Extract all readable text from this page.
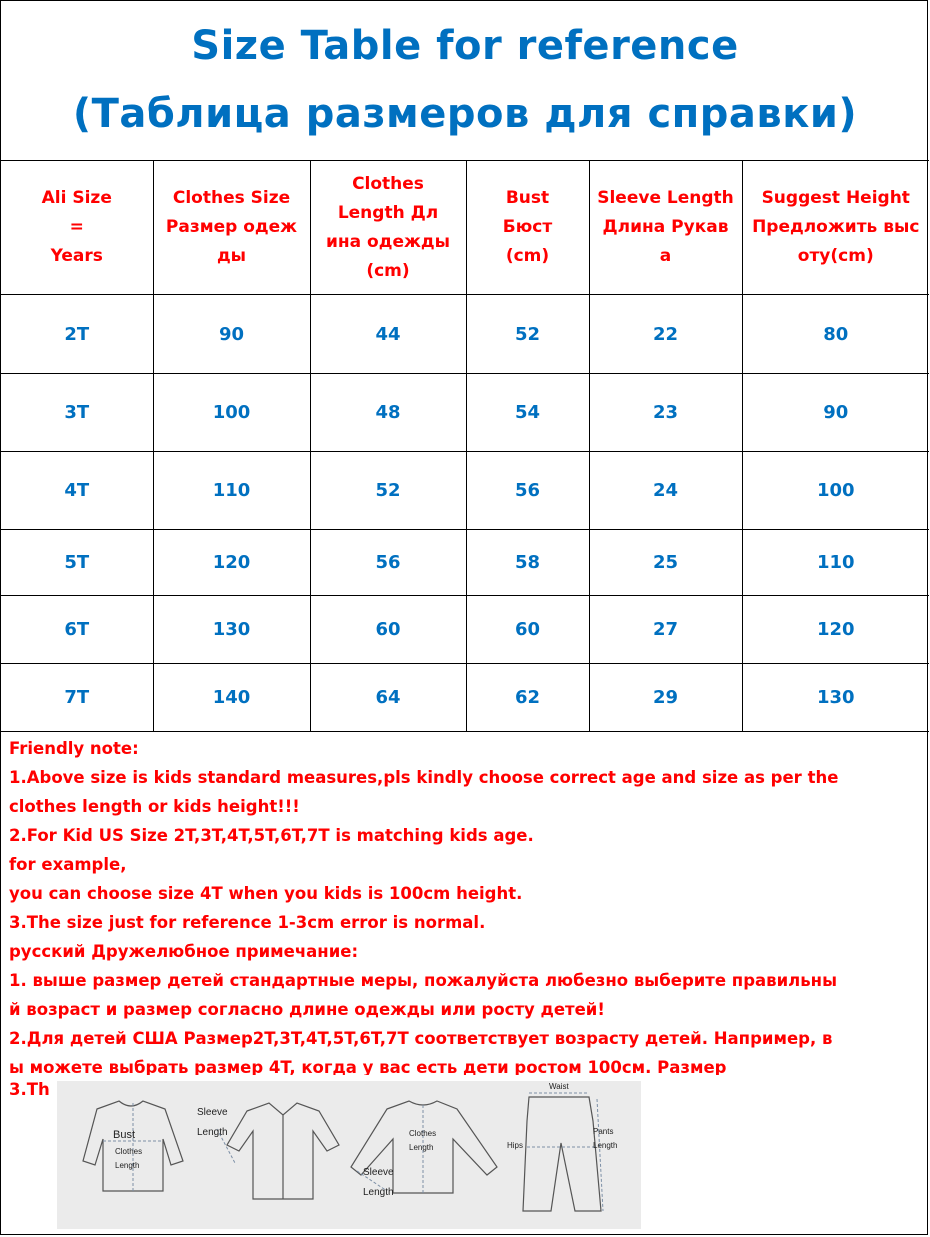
Size Table for reference
(Таблица размеров для справки)
Ali Size
=
Years	Clothes Size
Размер одеж
ды	Clothes
Length Дл
ина одежды
(cm)	Bust
Бюст
(cm)	Sleeve Length
Длина Рукав
а	Suggest Height
Предложить выс
оту(cm)

2T	90	44	52	22	80
3T	100	48	54	23	90
4T	110	52	56	24	100
5T	120	56	58	25	110
6T	130	60	60	27	120
7T	140	64	62	29	130
Friendly note:
1.Above size is kids standard measures,pls kindly choose correct age and size as per the
clothes length or kids height!!!
2.For Kid US Size 2T,3T,4T,5T,6T,7T is matching kids age.
for example,
you can choose size 4T when you kids is 100cm height.
3.The size just for reference 1-3cm error is normal.
русский Дружелюбное примечание:
1. выше размер детей стандартные меры, пожалуйста любезно выберите правильны
й возраст и размер согласно длине одежды или росту детей!
2.Для детей США Размер2T,3T,4T,5T,6T,7T соответствует возрасту детей. Например, в
ы можете выбрать размер 4T, когда у вас есть дети ростом 100см. Размер
3.Th
Bust
Clothes
Length
Sleeve
Length	Clothes
Length
Sleeve
Length
Waist
Hips
Pants
Length
